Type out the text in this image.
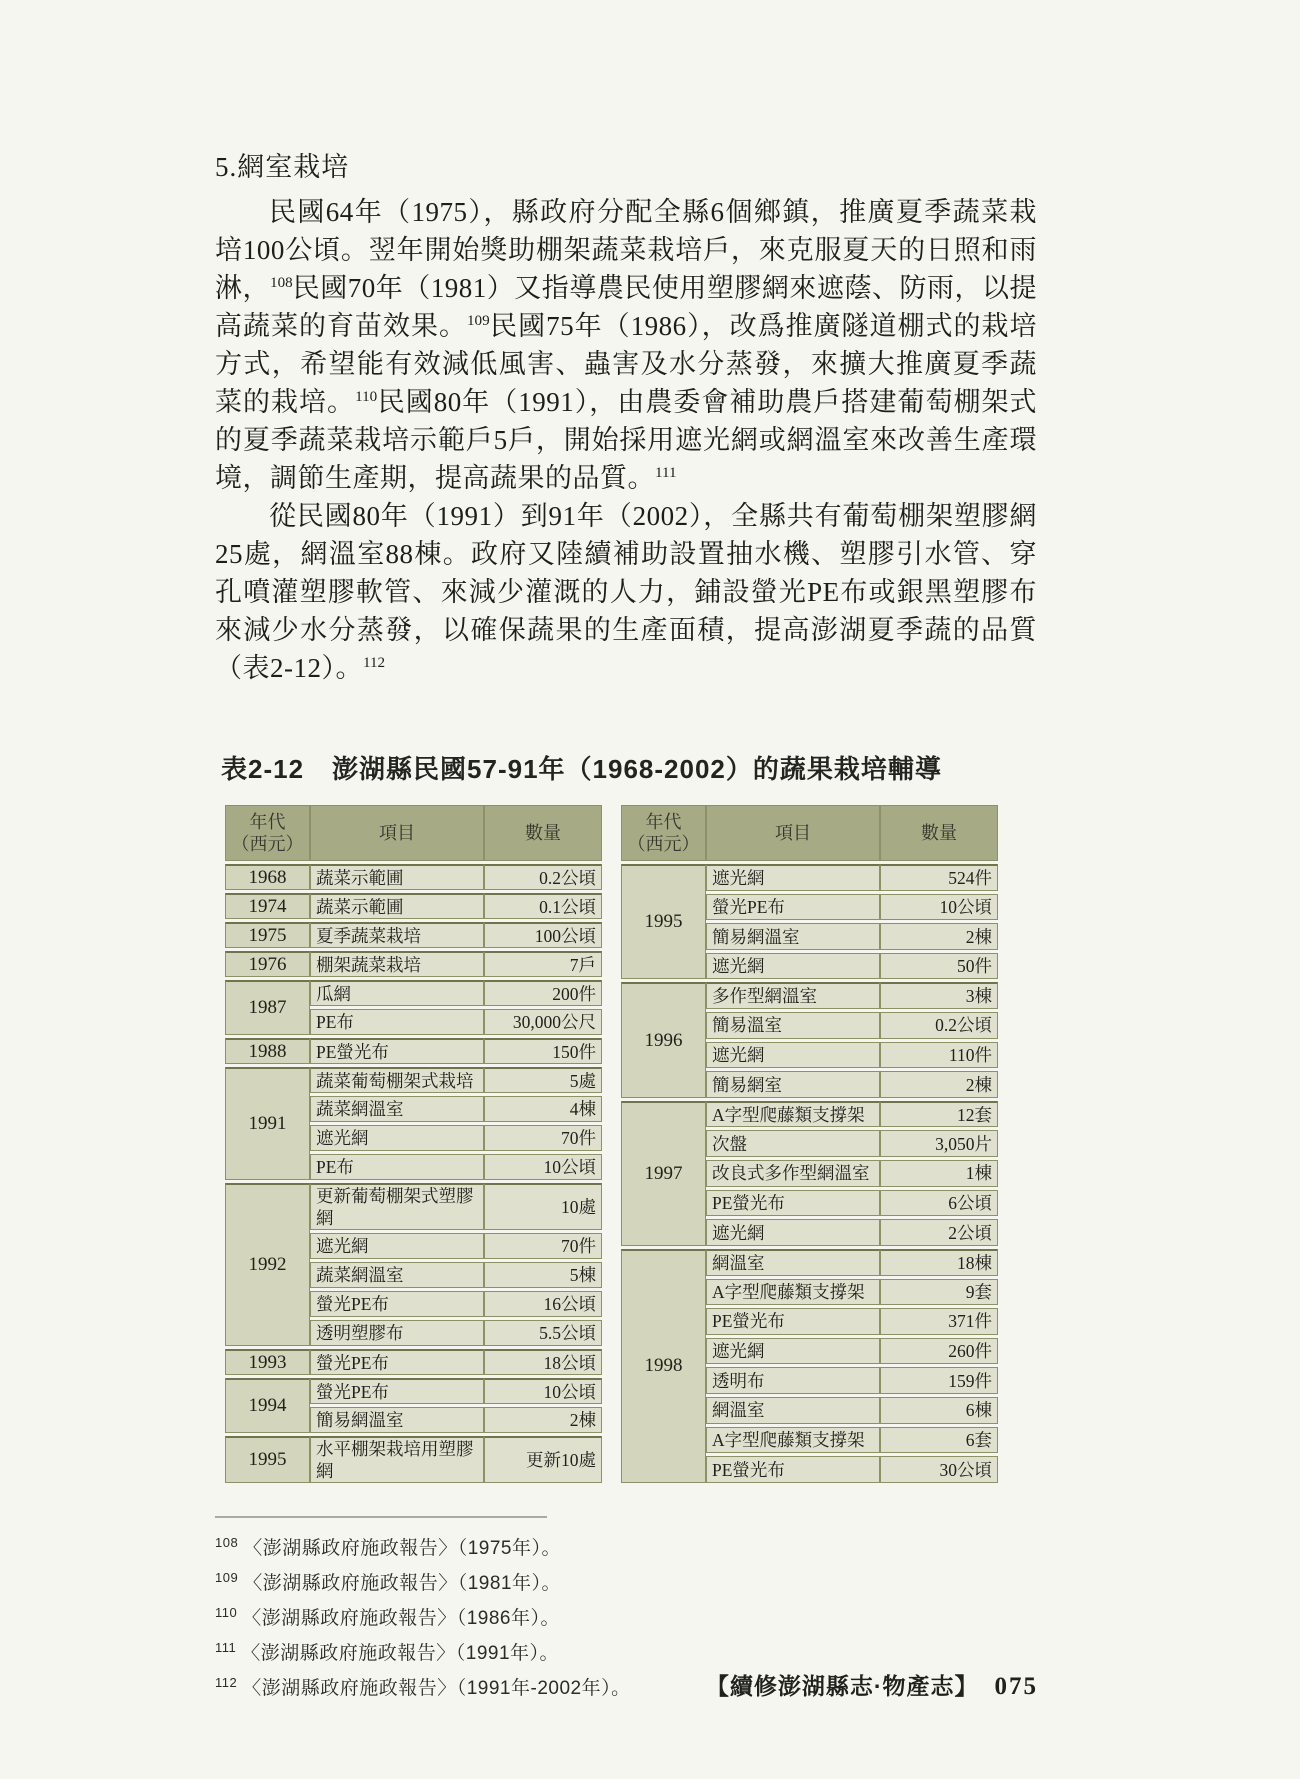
5.網室栽培

民國64年（1975），縣政府分配全縣6個鄉鎮，推廣夏季蔬菜栽培100公頃。翌年開始獎助棚架蔬菜栽培戶，來克服夏天的日照和雨淋，$^{108}$民國70年（1981）又指導農民使用塑膠網來遮蔭、防雨，以提高蔬菜的育苗效果。$^{109}$民國75年（1986），改爲推廣隧道棚式的栽培方式，希望能有效減低風害、蟲害及水分蒸發，來擴大推廣夏季蔬菜的栽培。$^{110}$民國80年（1991），由農委會補助農戶搭建葡萄棚架式的夏季蔬菜栽培示範戶5戶，開始採用遮光網或網溫室來改善生產環境，調節生產期，提高蔬果的品質。$^{111}$

從民國80年（1991）到91年（2002），全縣共有葡萄棚架塑膠網25處，網溫室88棟。政府又陸續補助設置抽水機、塑膠引水管、穿孔噴灌塑膠軟管、來減少灌溉的人力，鋪設螢光PE布或銀黑塑膠布來減少水分蒸發，以確保蔬果的生產面積，提高澎湖夏季蔬的品質（表2-12）。$^{112}$

表2-12 澎湖縣民國57-91年（1968-2002）的蔬果栽培輔導
年代
（西元）	項目	數量
1968	蔬菜示範圃	0.2公頃
1974	蔬菜示範圃	0.1公頃
1975	夏季蔬菜栽培	100公頃
1976	棚架蔬菜栽培	7戶
1987	瓜網	200件
	PE布	30,000公尺
1988	PE螢光布	150件
1991	蔬菜葡萄棚架式栽培	5處
	蔬菜網溫室	4棟
	遮光網	70件
	PE布	10公頃
1992	更新葡萄棚架式塑膠網	10處
	遮光網	70件
	蔬菜網溫室	5棟
	螢光PE布	16公頃
	透明塑膠布	5.5公頃
1993	螢光PE布	18公頃
1994	螢光PE布	10公頃
	簡易網溫室	2棟
1995	水平棚架栽培用塑膠網	更新10處
年代
（西元）	項目	數量
1995	遮光網	524件
	螢光PE布	10公頃
	簡易網溫室	2棟
	遮光網	50件
1996	多作型網溫室	3棟
	簡易溫室	0.2公頃
	遮光網	110件
	簡易網室	2棟
1997	A字型爬藤類支撐架	12套
	次盤	3,050片
	改良式多作型網溫室	1棟
	PE螢光布	6公頃
	遮光網	2公頃
1998	網溫室	18棟
	A字型爬藤類支撐架	9套
	PE螢光布	371件
	遮光網	260件
	透明布	159件
	網溫室	6棟
	A字型爬藤類支撐架	6套
	PE螢光布	30公頃
$^{108}$ 〈澎湖縣政府施政報告〉（1975年）。
$^{109}$ 〈澎湖縣政府施政報告〉（1981年）。
$^{110}$ 〈澎湖縣政府施政報告〉（1986年）。
$^{111}$ 〈澎湖縣政府施政報告〉（1991年）。
$^{112}$ 〈澎湖縣政府施政報告〉（1991年-2002年）。	【續修澎湖縣志·物產志】 075
